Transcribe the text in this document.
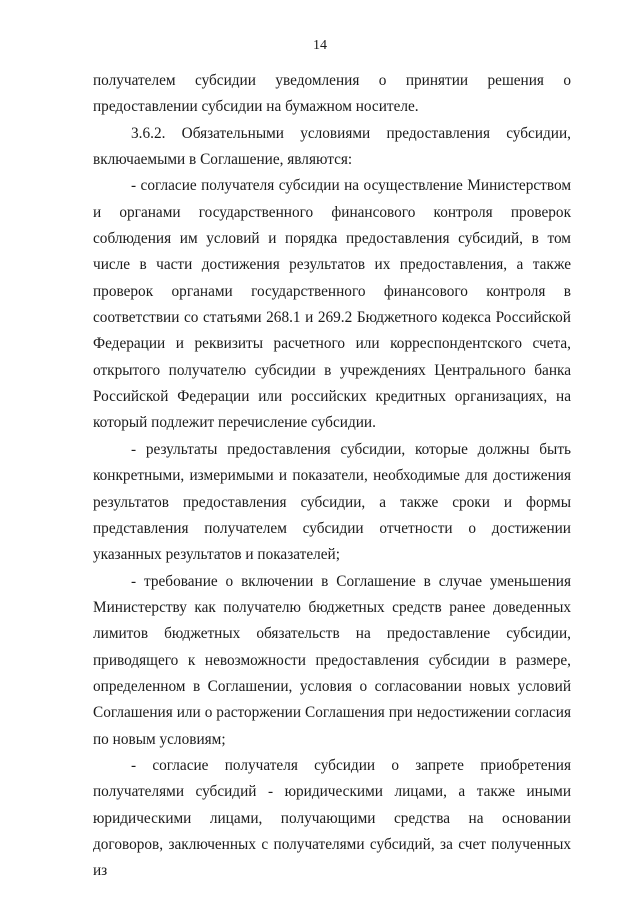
14

получателем субсидии уведомления о принятии решения о предоставлении субсидии на бумажном носителе.

3.6.2. Обязательными условиями предоставления субсидии, включаемыми в Соглашение, являются:

- согласие получателя субсидии на осуществление Министерством и органами государственного финансового контроля проверок соблюдения им условий и порядка предоставления субсидий, в том числе в части достижения результатов их предоставления, а также проверок органами государственного финансового контроля в соответствии со статьями 268.1 и 269.2 Бюджетного кодекса Российской Федерации и реквизиты расчетного или корреспондентского счета, открытого получателю субсидии в учреждениях Центрального банка Российской Федерации или российских кредитных организациях, на который подлежит перечисление субсидии.

- результаты предоставления субсидии, которые должны быть конкретными, измеримыми и показатели, необходимые для достижения результатов предоставления субсидии, а также сроки и формы представления получателем субсидии отчетности о достижении указанных результатов и показателей;

- требование о включении в Соглашение в случае уменьшения Министерству как получателю бюджетных средств ранее доведенных лимитов бюджетных обязательств на предоставление субсидии, приводящего к невозможности предоставления субсидии в размере, определенном в Соглашении, условия о согласовании новых условий Соглашения или о расторжении Соглашения при недостижении согласия по новым условиям;

- согласие получателя субсидии о запрете приобретения получателями субсидий - юридическими лицами, а также иными юридическими лицами, получающими средства на основании договоров, заключенных с получателями субсидий, за счет полученных из
